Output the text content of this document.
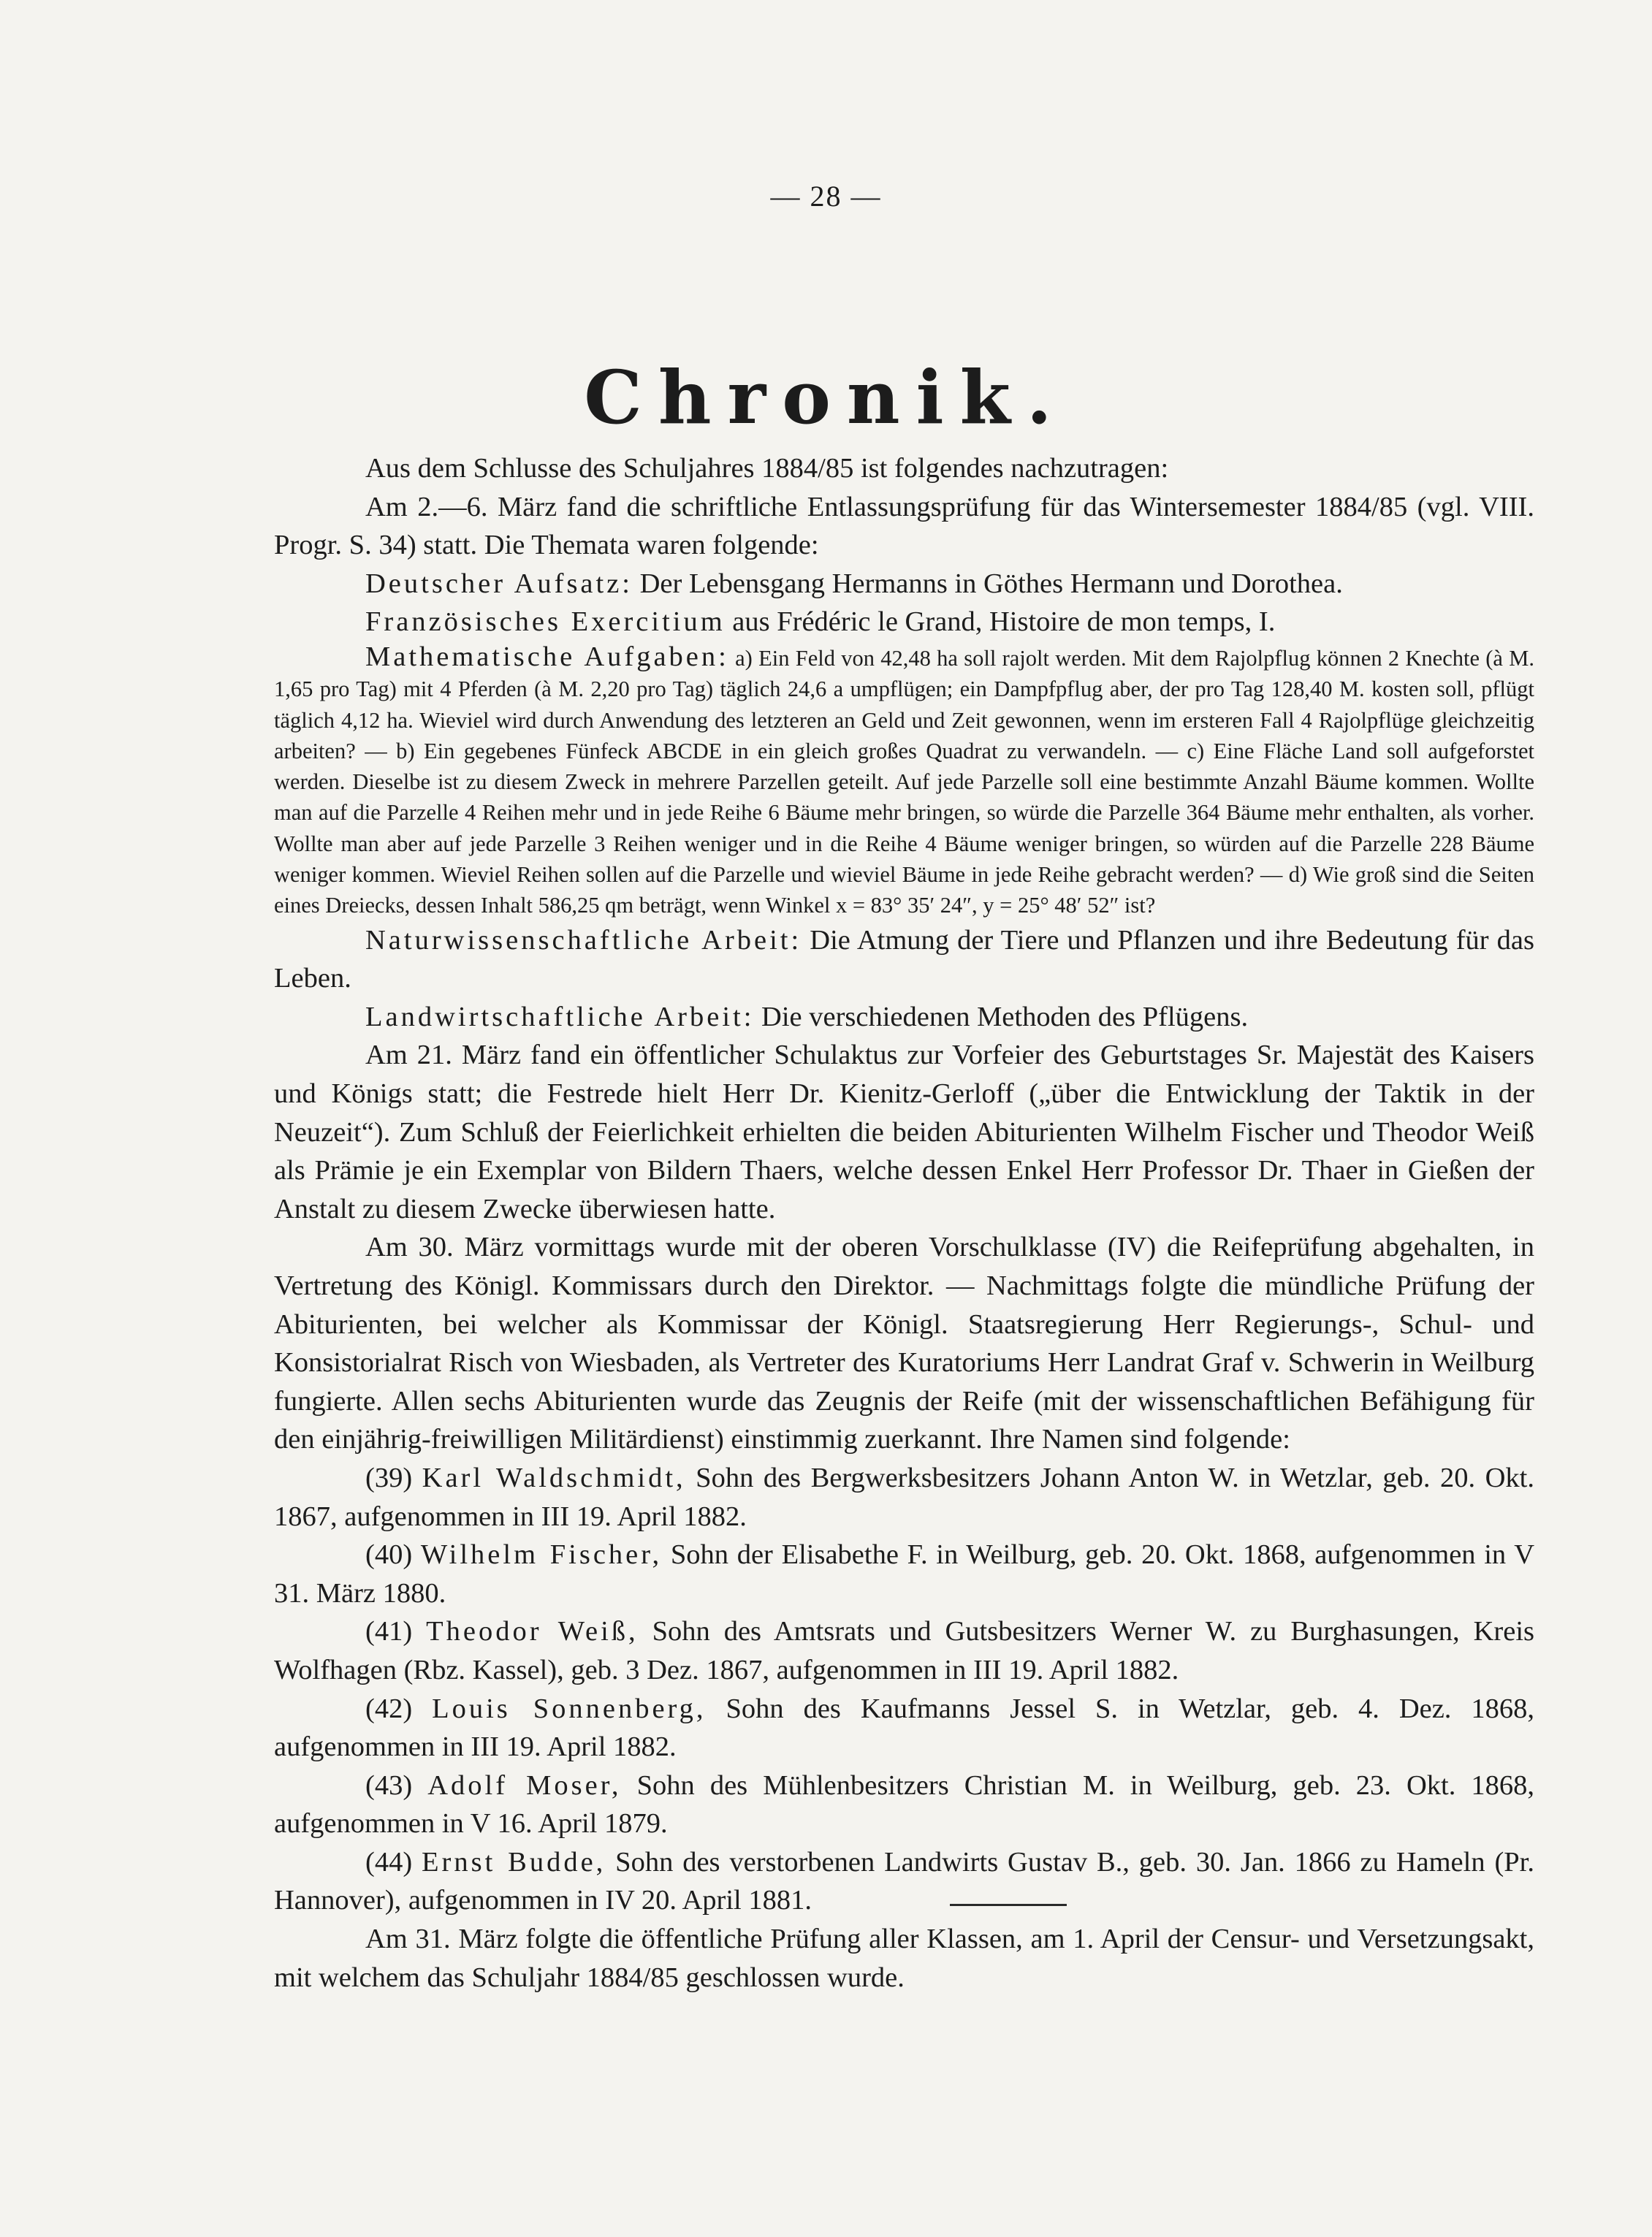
— 28 —
Chronik.

Aus dem Schlusse des Schuljahres 1884/85 ist folgendes nachzutragen:

Am 2.—6. März fand die schriftliche Entlassungsprüfung für das Wintersemester 1884/85 (vgl. VIII. Progr. S. 34) statt. Die Themata waren folgende:

Deutscher Aufsatz: Der Lebensgang Hermanns in Göthes Hermann und Dorothea.

Französisches Exercitium aus Frédéric le Grand, Histoire de mon temps, I.

Mathematische Aufgaben: a) Ein Feld von 42,48 ha soll rajolt werden. Mit dem Rajolpflug können 2 Knechte (à M. 1,65 pro Tag) mit 4 Pferden (à M. 2,20 pro Tag) täglich 24,6 a umpflügen; ein Dampfpflug aber, der pro Tag 128,40 M. kosten soll, pflügt täglich 4,12 ha. Wieviel wird durch Anwendung des letzteren an Geld und Zeit gewonnen, wenn im ersteren Fall 4 Rajolpflüge gleichzeitig arbeiten? — b) Ein gegebenes Fünfeck ABCDE in ein gleich großes Quadrat zu verwandeln. — c) Eine Fläche Land soll aufgeforstet werden. Dieselbe ist zu diesem Zweck in mehrere Parzellen geteilt. Auf jede Parzelle soll eine bestimmte Anzahl Bäume kommen. Wollte man auf die Parzelle 4 Reihen mehr und in jede Reihe 6 Bäume mehr bringen, so würde die Parzelle 364 Bäume mehr enthalten, als vorher. Wollte man aber auf jede Parzelle 3 Reihen weniger und in die Reihe 4 Bäume weniger bringen, so würden auf die Parzelle 228 Bäume weniger kommen. Wieviel Reihen sollen auf die Parzelle und wieviel Bäume in jede Reihe gebracht werden? — d) Wie groß sind die Seiten eines Dreiecks, dessen Inhalt 586,25 qm beträgt, wenn Winkel x = 83° 35′ 24″, y = 25° 48′ 52″ ist?

Naturwissenschaftliche Arbeit: Die Atmung der Tiere und Pflanzen und ihre Bedeutung für das Leben.

Landwirtschaftliche Arbeit: Die verschiedenen Methoden des Pflügens.

Am 21. März fand ein öffentlicher Schulaktus zur Vorfeier des Geburtstages Sr. Majestät des Kaisers und Königs statt; die Festrede hielt Herr Dr. Kienitz-Gerloff („über die Entwicklung der Taktik in der Neuzeit“). Zum Schluß der Feierlichkeit erhielten die beiden Abiturienten Wilhelm Fischer und Theodor Weiß als Prämie je ein Exemplar von Bildern Thaers, welche dessen Enkel Herr Professor Dr. Thaer in Gießen der Anstalt zu diesem Zwecke überwiesen hatte.

Am 30. März vormittags wurde mit der oberen Vorschulklasse (IV) die Reifeprüfung abgehalten, in Vertretung des Königl. Kommissars durch den Direktor. — Nachmittags folgte die mündliche Prüfung der Abiturienten, bei welcher als Kommissar der Königl. Staatsregierung Herr Regierungs-, Schul- und Konsistorialrat Risch von Wiesbaden, als Vertreter des Kuratoriums Herr Landrat Graf v. Schwerin in Weilburg fungierte. Allen sechs Abiturienten wurde das Zeugnis der Reife (mit der wissenschaftlichen Befähigung für den einjährig-freiwilligen Militärdienst) einstimmig zuerkannt. Ihre Namen sind folgende:

(39) Karl Waldschmidt, Sohn des Bergwerksbesitzers Johann Anton W. in Wetzlar, geb. 20. Okt. 1867, aufgenommen in III 19. April 1882.

(40) Wilhelm Fischer, Sohn der Elisabethe F. in Weilburg, geb. 20. Okt. 1868, aufgenommen in V 31. März 1880.

(41) Theodor Weiß, Sohn des Amtsrats und Gutsbesitzers Werner W. zu Burghasungen, Kreis Wolfhagen (Rbz. Kassel), geb. 3 Dez. 1867, aufgenommen in III 19. April 1882.

(42) Louis Sonnenberg, Sohn des Kaufmanns Jessel S. in Wetzlar, geb. 4. Dez. 1868, aufgenommen in III 19. April 1882.

(43) Adolf Moser, Sohn des Mühlenbesitzers Christian M. in Weilburg, geb. 23. Okt. 1868, aufgenommen in V 16. April 1879.

(44) Ernst Budde, Sohn des verstorbenen Landwirts Gustav B., geb. 30. Jan. 1866 zu Hameln (Pr. Hannover), aufgenommen in IV 20. April 1881.

Am 31. März folgte die öffentliche Prüfung aller Klassen, am 1. April der Censur- und Versetzungsakt, mit welchem das Schuljahr 1884/85 geschlossen wurde.
